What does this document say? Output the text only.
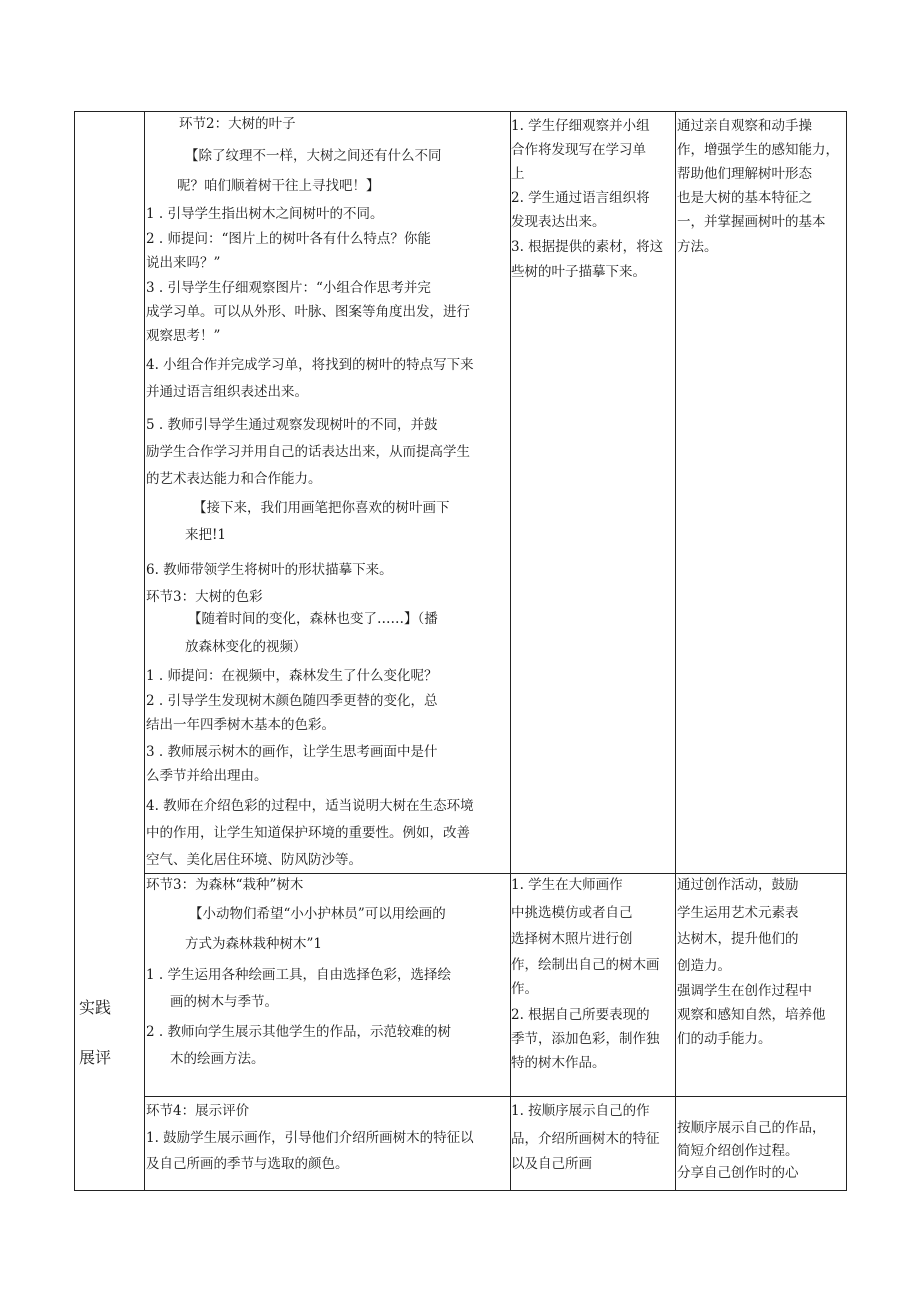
实践
展评
环节2：大树的叶子
【除了纹理不一样，大树之间还有什么不同
呢？咱们顺着树干往上寻找吧！】
1 . 引导学生指出树木之间树叶的不同。
2 . 师提问：“图片上的树叶各有什么特点？你能
说出来吗？”
3 . 引导学生仔细观察图片：“小组合作思考并完
成学习单。可以从外形、叶脉、图案等角度出发，进行
观察思考！”
4. 小组合作并完成学习单，将找到的树叶的特点写下来
并通过语言组织表述出来。
5 . 教师引导学生通过观察发现树叶的不同，并鼓
励学生合作学习并用自己的话表达出来，从而提高学生
的艺术表达能力和合作能力。
【接下来，我们用画笔把你喜欢的树叶画下
来把!1
6. 教师带领学生将树叶的形状描摹下来。
环节3：大树的色彩
【随着时间的变化，森林也变了……】（播
放森林变化的视频）
1 . 师提问：在视频中，森林发生了什么变化呢？
2 . 引导学生发现树木颜色随四季更替的变化，总
结出一年四季树木基本的色彩。
3 . 教师展示树木的画作，让学生思考画面中是什
么季节并给出理由。
4. 教师在介绍色彩的过程中，适当说明大树在生态环境
中的作用，让学生知道保护环境的重要性。例如，改善
空气、美化居住环境、防风防沙等。
1. 学生仔细观察并小组
合作将发现写在学习单
上
2. 学生通过语言组织将
发现表达出来。
3. 根据提供的素材，将这
些树的叶子描摹下来。
通过亲自观察和动手操
作，增强学生的感知能力，
帮助他们理解树叶形态
也是大树的基本特征之
一，并掌握画树叶的基本
方法。
环节3：为森林“栽种”树木
【小动物们希望“小小护林员”可以用绘画的
方式为森林栽种树木”1
1 . 学生运用各种绘画工具，自由选择色彩，选择绘
画的树木与季节。
2 . 教师向学生展示其他学生的作品，示范较难的树
木的绘画方法。
1. 学生在大师画作
中挑选模仿或者自己
选择树木照片进行创
作，绘制出自己的树木画
作。
2. 根据自己所要表现的
季节，添加色彩，制作独
特的树木作品。
通过创作活动，鼓励
学生运用艺术元素表
达树木，提升他们的
创造力。
强调学生在创作过程中
观察和感知自然，培养他
们的动手能力。
环节4：展示评价
1. 鼓励学生展示画作，引导他们介绍所画树木的特征以
及自己所画的季节与选取的颜色。
1. 按顺序展示自己的作
品，介绍所画树木的特征
以及自己所画
按顺序展示自己的作品，
简短介绍创作过程。
分享自己创作时的心
